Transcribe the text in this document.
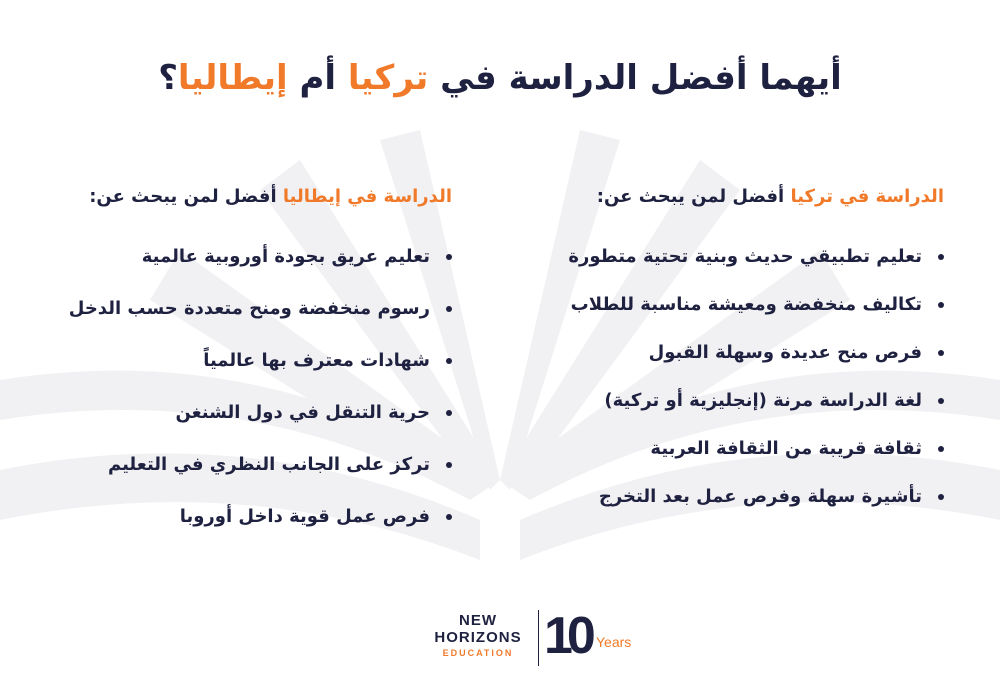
أيهما أفضل الدراسة في تركيا أم إيطاليا؟
الدراسة في تركيا أفضل لمن يبحث عن:
تعليم تطبيقي حديث وبنية تحتية متطورة
تكاليف منخفضة ومعيشة مناسبة للطلاب
فرص منح عديدة وسهلة القبول
لغة الدراسة مرنة (إنجليزية أو تركية)
ثقافة قريبة من الثقافة العربية
تأشيرة سهلة وفرص عمل بعد التخرج
الدراسة في إيطاليا أفضل لمن يبحث عن:
تعليم عريق بجودة أوروبية عالمية
رسوم منخفضة ومنح متعددة حسب الدخل
شهادات معترف بها عالمياً
حرية التنقل في دول الشنغن
تركز على الجانب النظري في التعليم
فرص عمل قوية داخل أوروبا
NEW
HORIZONS
EDUCATION 10 Years
